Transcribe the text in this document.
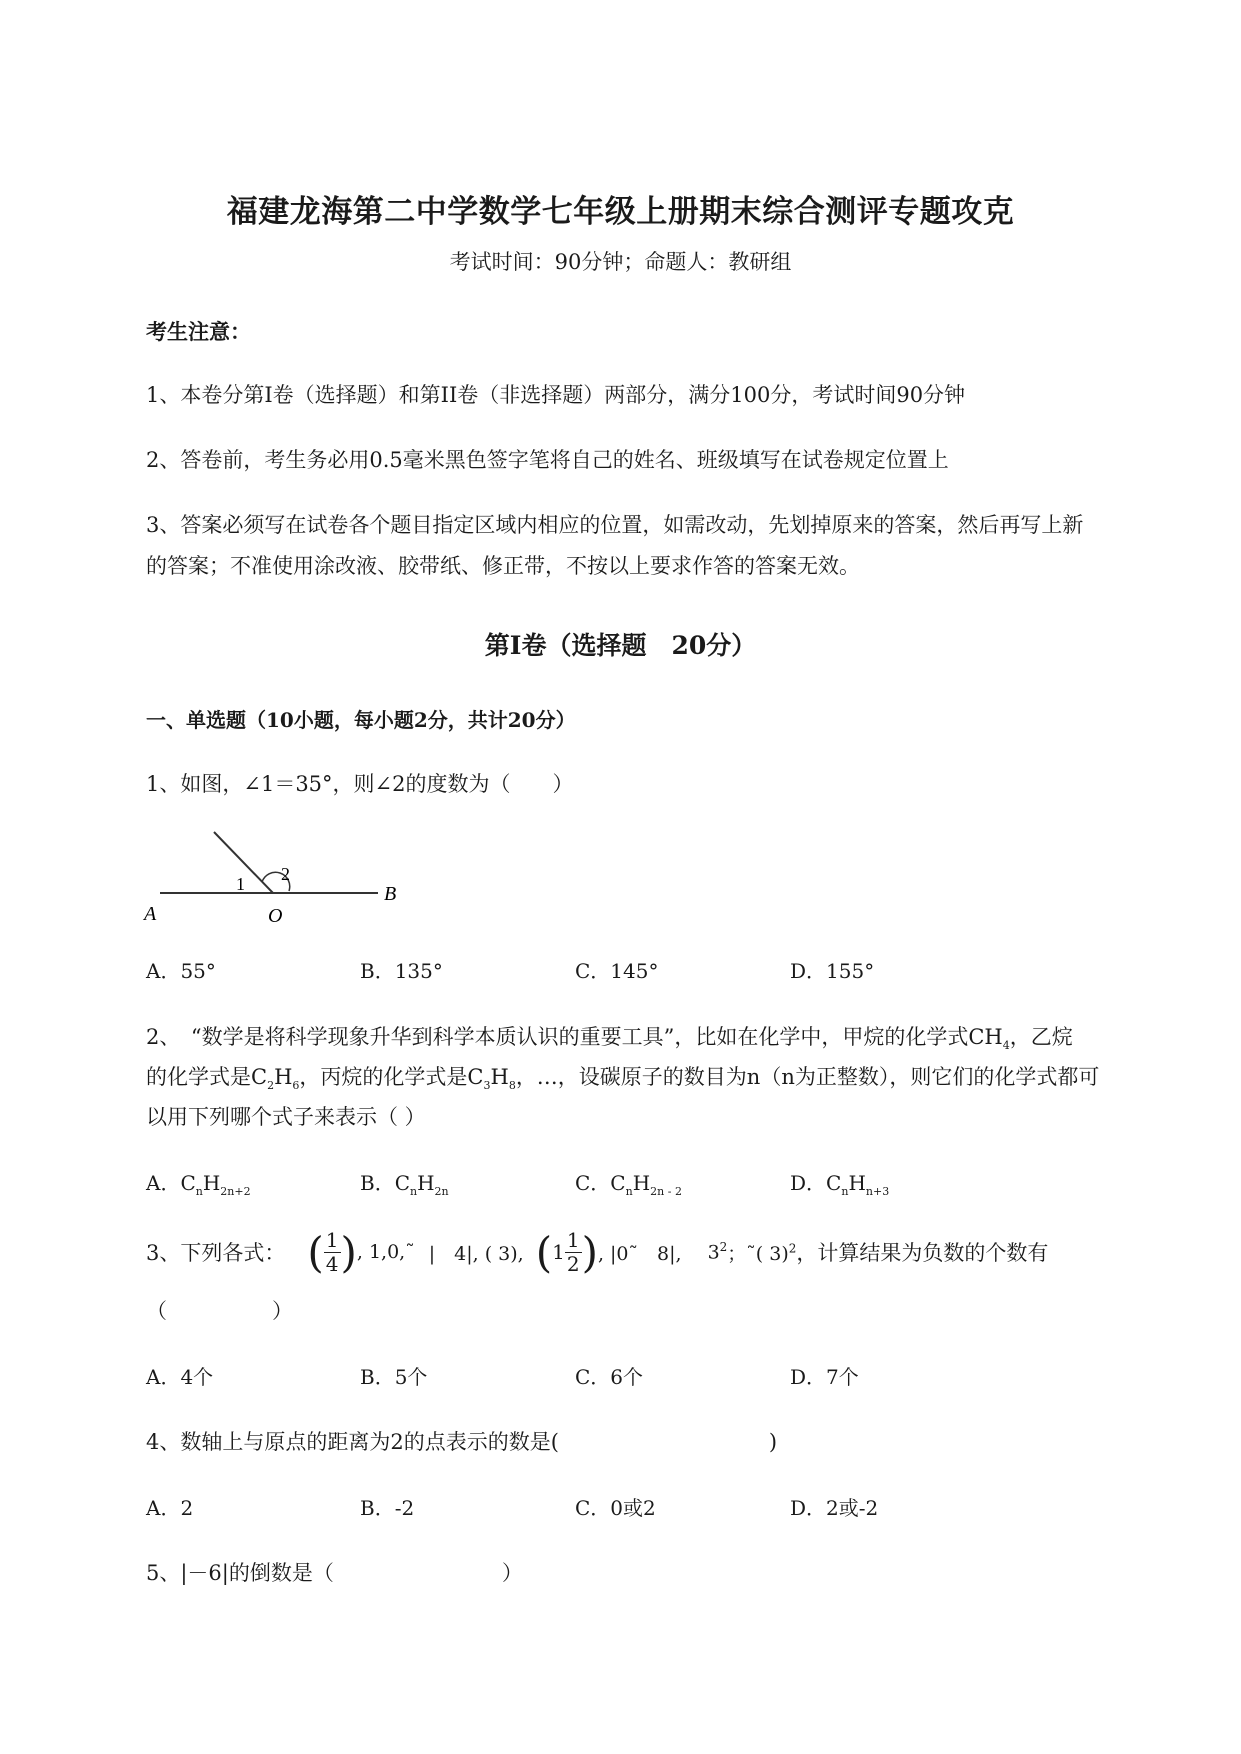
福建龙海第二中学数学七年级上册期末综合测评专题攻克
考试时间：90分钟；命题人：教研组
考生注意：
1、本卷分第I卷（选择题）和第II卷（非选择题）两部分，满分100分，考试时间90分钟
2、答卷前，考生务必用0.5毫米黑色签字笔将自己的姓名、班级填写在试卷规定位置上
3、答案必须写在试卷各个题目指定区域内相应的位置，如需改动，先划掉原来的答案，然后再写上新
的答案；不准使用涂改液、胶带纸、修正带，不按以上要求作答的答案无效。
第I卷（选择题　20分）
一、单选题（10小题，每小题2分，共计20分）
1、如图，∠1＝35°，则∠2的度数为（　　）
A
B
O
1 2
A．55°	B．135°	C．145°	D．155°
2、　“数学是将科学现象升华到科学本质认识的重要工具”，比如在化学中，甲烷的化学式$CH_4$，乙烷
的化学式是$C_2H_6$，丙烷的化学式是$C_3H_8$，…，设碳原子的数目为n（n为正整数），则它们的化学式都可
以用下列哪个式子来表示（ ）
A．$C_nH_{2n+2}$	B．$C_nH_{2n}$	C．$C_nH_{2n - 2}$	D．$C_nH_{n+3}$
3、下列各式： ( $\frac{1}{4}$ ) , 1,0,˜ |　4|, ( 3), ( $1 \frac{1}{2}$ ) , |0˜　8|, $3^2$ ；˜( 3)$^2$ ，计算结果为负数的个数有
（　　　　　）
A．4个	B．5个	C．6个	D．7个
4、数轴上与原点的距离为2的点表示的数是(　　　　　　　　　　)
A．2	B．-2	C．0或2	D．2或-2
5、|－6|的倒数是（　　　　　　　　）
